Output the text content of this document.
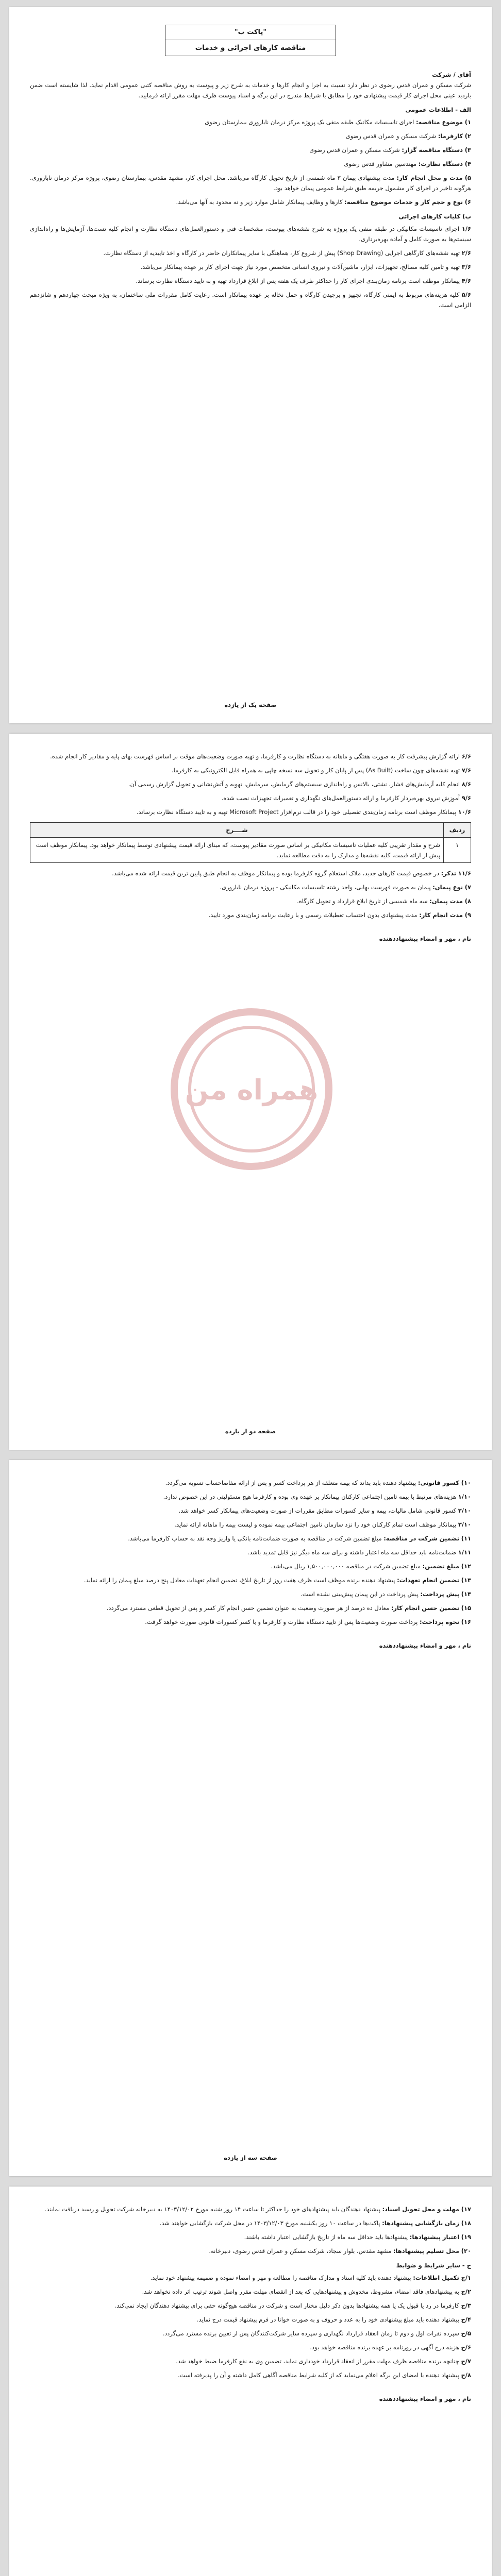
"پاکت ب"
مناقصه کارهای اجرائی و خدمات
آقای / شرکت

شرکت مسکن و عمران قدس رضوی در نظر دارد نسبت به اجرا و انجام کارها و خدمات به شرح زیر و پیوست به روش مناقصه کتبی عمومی اقدام نماید. لذا شایسته است ضمن بازدید عینی محل اجرای کار قیمت پیشنهادی خود را مطابق با شرایط مندرج در این برگه و اسناد پیوست ظرف مهلت مقرر ارائه فرمایید.

الف - اطلاعات عمومی
۱) موضوع مناقصه: اجرای تاسیسات مکانیک طبقه منفی یک پروژه مرکز درمان ناباروری بیمارستان رضوی
۲) کارفرما: شرکت مسکن و عمران قدس رضوی
۳) دستگاه مناقصه گزار: شرکت مسکن و عمران قدس رضوی
۴) دستگاه نظارت: مهندسین مشاور قدس رضوی
۵) مدت و محل انجام کار: مدت پیشنهادی پیمان ۳ ماه شمسی از تاریخ تحویل کارگاه می‌باشد. محل اجرای کار، مشهد مقدس، بیمارستان رضوی، پروژه مرکز درمان ناباروری. هرگونه تاخیر در اجرای کار مشمول جریمه طبق شرایط عمومی پیمان خواهد بود.
۶) نوع و حجم کار و خدمات موضوع مناقصه: کارها و وظایف پیمانکار شامل موارد زیر و نه محدود به آنها می‌باشد.
ب) کلیات کارهای اجرائی
۱/۶ اجرای تاسیسات مکانیکی در طبقه منفی یک پروژه به شرح نقشه‌های پیوست، مشخصات فنی و دستورالعمل‌های دستگاه نظارت و انجام کلیه تست‌ها، آزمایش‌ها و راه‌اندازی سیستم‌ها به صورت کامل و آماده بهره‌برداری.
۲/۶ تهیه نقشه‌های کارگاهی اجرایی (Shop Drawing) پیش از شروع کار، هماهنگی با سایر پیمانکاران حاضر در کارگاه و اخذ تاییدیه از دستگاه نظارت.
۳/۶ تهیه و تامین کلیه مصالح، تجهیزات، ابزار، ماشین‌آلات و نیروی انسانی متخصص مورد نیاز جهت اجرای کار بر عهده پیمانکار می‌باشد.
۴/۶ پیمانکار موظف است برنامه زمان‌بندی اجرای کار را حداکثر ظرف یک هفته پس از ابلاغ قرارداد تهیه و به تایید دستگاه نظارت برساند.
۵/۶ کلیه هزینه‌های مربوط به ایمنی کارگاه، تجهیز و برچیدن کارگاه و حمل نخاله بر عهده پیمانکار است. رعایت کامل مقررات ملی ساختمان، به ویژه مبحث چهاردهم و شانزدهم الزامی است.
صفحه یک از یازده
۶/۶ ارائه گزارش پیشرفت کار به صورت هفتگی و ماهانه به دستگاه نظارت و کارفرما، و تهیه صورت وضعیت‌های موقت بر اساس فهرست بهای پایه و مقادیر کار انجام شده.
۷/۶ تهیه نقشه‌های چون ساخت (As Built) پس از پایان کار و تحویل سه نسخه چاپی به همراه فایل الکترونیکی به کارفرما.
۸/۶ انجام کلیه آزمایش‌های فشار، نشتی، بالانس و راه‌اندازی سیستم‌های گرمایش، سرمایش، تهویه و آتش‌نشانی و تحویل گزارش رسمی آن.
۹/۶ آموزش نیروی بهره‌بردار کارفرما و ارائه دستورالعمل‌های نگهداری و تعمیرات تجهیزات نصب شده.
۱۰/۶ پیمانکار موظف است برنامه زمان‌بندی تفصیلی خود را در قالب نرم‌افزار Microsoft Project تهیه و به تایید دستگاه نظارت برساند.
ردیف	شــــرح
۱	شرح و مقدار تقریبی کلیه عملیات تاسیسات مکانیکی بر اساس صورت مقادیر پیوست، که مبنای ارائه قیمت پیشنهادی توسط پیمانکار خواهد بود. پیمانکار موظف است پیش از ارائه قیمت، کلیه نقشه‌ها و مدارک را به دقت مطالعه نماید.
۱۱/۶ تذکر: در خصوص قیمت کارهای جدید، ملاک استعلام گروه کارفرما بوده و پیمانکار موظف به انجام طبق پایین ترین قیمت ارائه شده می‌باشد.
۷) نوع پیمان: پیمان به صورت فهرست بهایی، واحد رشته تاسیسات مکانیکی - پروژه درمان ناباروری.
۸) مدت پیمان: سه ماه شمسی از تاریخ ابلاغ قرارداد و تحویل کارگاه.
۹) مدت انجام کار: مدت پیشنهادی بدون احتساب تعطیلات رسمی و با رعایت برنامه زمان‌بندی مورد تایید.
همراه من
نام ، مهر و امضاء پیشنهاددهنده
صفحه دو از یازده
۱۰) کسور قانونی: پیشنهاد دهنده باید بداند که بیمه متعلقه از هر پرداخت کسر و پس از ارائه مفاصاحساب تسویه می‌گردد.
۱/۱۰ هزینه‌های مرتبط با بیمه تامین اجتماعی کارکنان پیمانکار بر عهده وی بوده و کارفرما هیچ مسئولیتی در این خصوص ندارد.
۲/۱۰ کسور قانونی شامل مالیات، بیمه و سایر کسورات مطابق مقررات از صورت وضعیت‌های پیمانکار کسر خواهد شد.
۳/۱۰ پیمانکار موظف است تمام کارکنان خود را نزد سازمان تامین اجتماعی بیمه نموده و لیست بیمه را ماهانه ارائه نماید.
۱۱) تضمین شرکت در مناقصه: مبلغ تضمین شرکت در مناقصه به صورت ضمانت‌نامه بانکی یا واریز وجه نقد به حساب کارفرما می‌باشد.
۱/۱۱ ضمانت‌نامه باید حداقل سه ماه اعتبار داشته و برای سه ماه دیگر نیز قابل تمدید باشد.
۱۲) مبلغ تضمین: مبلغ تضمین شرکت در مناقصه ۱,۵۰۰,۰۰۰,۰۰۰ ریال می‌باشد.
۱۳) تضمین انجام تعهدات: پیشنهاد دهنده برنده موظف است ظرف هفت روز از تاریخ ابلاغ، تضمین انجام تعهدات معادل پنج درصد مبلغ پیمان را ارائه نماید.
۱۴) پیش پرداخت: پیش پرداخت در این پیمان پیش‌بینی نشده است.
۱۵) تضمین حسن انجام کار: معادل ده درصد از هر صورت وضعیت به عنوان تضمین حسن انجام کار کسر و پس از تحویل قطعی مسترد می‌گردد.
۱۶) نحوه پرداخت: پرداخت صورت وضعیت‌ها پس از تایید دستگاه نظارت و کارفرما و با کسر کسورات قانونی صورت خواهد گرفت.
نام ، مهر و امضاء پیشنهاددهنده
صفحه سه از یازده
۱۷) مهلت و محل تحویل اسناد: پیشنهاد دهندگان باید پیشنهادهای خود را حداکثر تا ساعت ۱۴ روز شنبه مورخ ۱۴۰۳/۱۲/۰۲ به دبیرخانه شرکت تحویل و رسید دریافت نمایند.
۱۸) زمان بازگشایی پیشنهادها: پاکت‌ها در ساعت ۱۰ روز یکشنبه مورخ ۱۴۰۳/۱۲/۰۳ در محل شرکت بازگشایی خواهند شد.
۱۹) اعتبار پیشنهادها: پیشنهادها باید حداقل سه ماه از تاریخ بازگشایی اعتبار داشته باشند.
۲۰) محل تسلیم پیشنهادها: مشهد مقدس، بلوار سجاد، شرکت مسکن و عمران قدس رضوی، دبیرخانه.
ج - سایر شرایط و ضوابط
۱/ج تکمیل اطلاعات: پیشنهاد دهنده باید کلیه اسناد و مدارک مناقصه را مطالعه و مهر و امضاء نموده و ضمیمه پیشنهاد خود نماید.
۲/ج به پیشنهادهای فاقد امضاء، مشروط، مخدوش و پیشنهادهایی که بعد از انقضای مهلت مقرر واصل شوند ترتیب اثر داده نخواهد شد.
۳/ج کارفرما در رد یا قبول یک یا همه پیشنهادها بدون ذکر دلیل مختار است و شرکت در مناقصه هیچ‌گونه حقی برای پیشنهاد دهندگان ایجاد نمی‌کند.
۴/ج پیشنهاد دهنده باید مبلغ پیشنهادی خود را به عدد و حروف و به صورت خوانا در فرم پیشنهاد قیمت درج نماید.
۵/ج سپرده نفرات اول و دوم تا زمان انعقاد قرارداد نگهداری و سپرده سایر شرکت‌کنندگان پس از تعیین برنده مسترد می‌گردد.
۶/ج هزینه درج آگهی در روزنامه بر عهده برنده مناقصه خواهد بود.
۷/ج چنانچه برنده مناقصه ظرف مهلت مقرر از انعقاد قرارداد خودداری نماید، تضمین وی به نفع کارفرما ضبط خواهد شد.
۸/ج پیشنهاد دهنده با امضای این برگه اعلام می‌نماید که از کلیه شرایط مناقصه آگاهی کامل داشته و آن را پذیرفته است.
نام ، مهر و امضاء پیشنهاددهنده
